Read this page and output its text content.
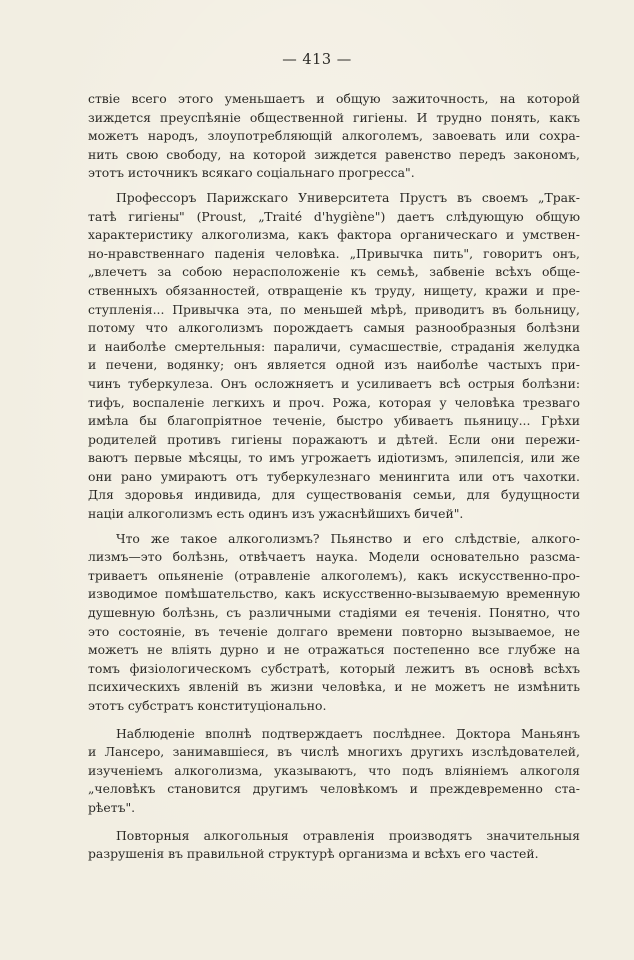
— 413 —
ствіе всего этого уменьшаетъ и общую зажиточность, на которой
зиждется преуспѣяніе общественной гигіены. И трудно понять, какъ
можетъ народъ, злоупотребляющій алкоголемъ, завоевать или сохра-
нить свою свободу, на которой зиждется равенство передъ закономъ,
этотъ источникъ всякаго соціальнаго прогресса".
Профессоръ Парижскаго Университета Прустъ въ своемъ „Трак-
татѣ гигіены" (Proust, „Traité d'hygiène") даетъ слѣдующую общую
характеристику алкоголизма, какъ фактора органическаго и умствен-
но-нравственнаго паденія человѣка. „Привычка пить", говоритъ онъ,
„влечетъ за собою нерасположеніе къ семьѣ, забвеніе всѣхъ обще-
ственныхъ обязанностей, отвращеніе къ труду, нищету, кражи и пре-
ступленія... Привычка эта, по меньшей мѣрѣ, приводитъ въ больницу,
потому что алкоголизмъ порождаетъ самыя разнообразныя болѣзни
и наиболѣе смертельныя: параличи, сумасшествіе, страданія желудка
и печени, водянку; онъ является одной изъ наиболѣе частыхъ при-
чинъ туберкулеза. Онъ осложняетъ и усиливаетъ всѣ острыя болѣзни:
тифъ, воспаленіе легкихъ и проч. Рожа, которая у человѣка трезваго
имѣла бы благопріятное теченіе, быстро убиваетъ пьяницу... Грѣхи
родителей противъ гигіены поражаютъ и дѣтей. Если они пережи-
ваютъ первые мѣсяцы, то имъ угрожаетъ идіотизмъ, эпилепсія, или же
они рано умираютъ отъ туберкулезнаго менингита или отъ чахотки.
Для здоровья индивида, для существованія семьи, для будущности
націи алкоголизмъ есть одинъ изъ ужаснѣйшихъ бичей".
Что же такое алкоголизмъ? Пьянство и его слѣдствіе, алкого-
лизмъ—это болѣзнь, отвѣчаетъ наука. Модели основательно разсма-
триваетъ опьяненіе (отравленіе алкоголемъ), какъ искусственно-про-
изводимое помѣшательство, какъ искусственно-вызываемую временную
душевную болѣзнь, съ различными стадіями ея теченія. Понятно, что
это состояніе, въ теченіе долгаго времени повторно вызываемое, не
можетъ не вліять дурно и не отражаться постепенно все глубже на
томъ физіологическомъ субстратѣ, который лежитъ въ основѣ всѣхъ
психическихъ явленій въ жизни человѣка, и не можетъ не измѣнить
этотъ субстратъ конституціонально.
Наблюденіе вполнѣ подтверждаетъ послѣднее. Доктора Маньянъ
и Лансеро, занимавшіеся, въ числѣ многихъ другихъ изслѣдователей,
изученіемъ алкоголизма, указываютъ, что подъ вліяніемъ алкоголя
„человѣкъ становится другимъ человѣкомъ и преждевременно ста-
рѣетъ".
Повторныя алкогольныя отравленія производятъ значительныя
разрушенія въ правильной структурѣ организма и всѣхъ его частей.
